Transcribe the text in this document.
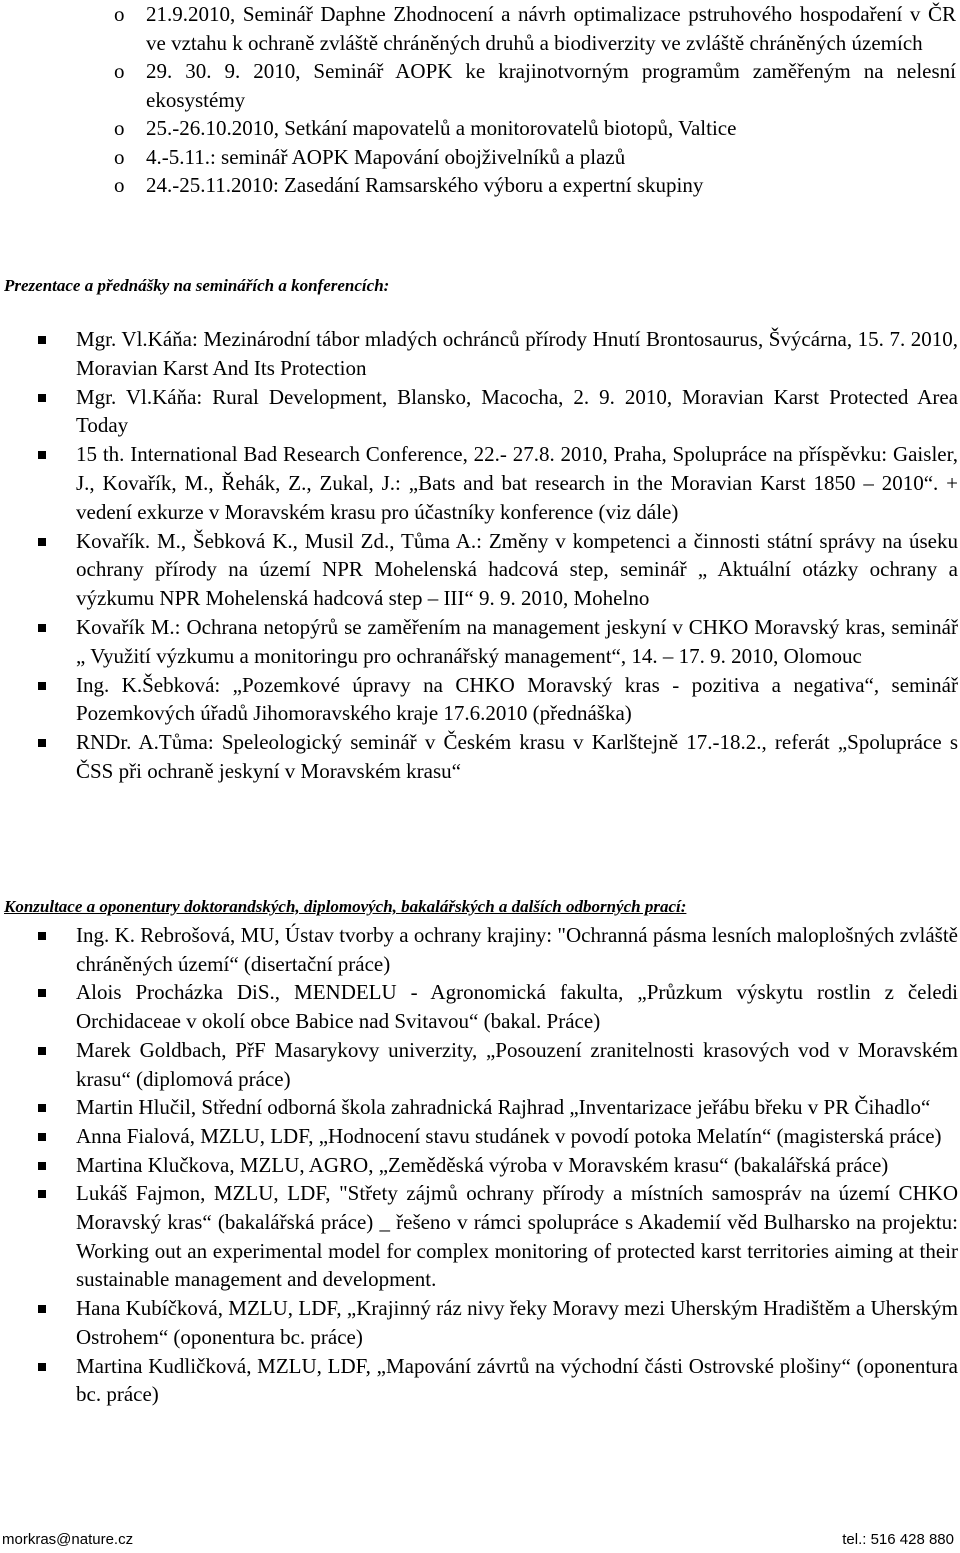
o 21.9.2010, Seminář Daphne Zhodnocení a návrh optimalizace pstruhového hospodaření v ČR ve vztahu k ochraně zvláště chráněných druhů a biodiverzity ve zvláště chráněných územích
o 29. 30. 9. 2010, Seminář AOPK ke krajinotvorným programům zaměřeným na nelesní ekosystémy
o 25.-26.10.2010, Setkání mapovatelů a monitorovatelů biotopů, Valtice
o 4.-5.11.: seminář AOPK Mapování obojživelníků a plazů
o 24.-25.11.2010: Zasedání Ramsarského výboru a expertní skupiny
Prezentace a přednášky na seminářích a konferencích:
Mgr. Vl.Káňa: Mezinárodní tábor mladých ochránců přírody Hnutí Brontosaurus, Švýcárna, 15. 7. 2010, Moravian Karst And Its Protection
Mgr. Vl.Káňa: Rural Development, Blansko, Macocha, 2. 9. 2010, Moravian Karst Protected Area Today
15 th. International Bad Research Conference, 22.- 27.8. 2010, Praha, Spolupráce na příspěvku: Gaisler, J., Kovařík, M., Řehák, Z., Zukal, J.: „Bats and bat research in the Moravian Karst 1850 – 2010“. + vedení exkurze v Moravském krasu pro účastníky konference (viz dále)
Kovařík. M., Šebková K., Musil Zd., Tůma A.: Změny v kompetenci a činnosti státní správy na úseku ochrany přírody na území NPR Mohelenská hadcová step, seminář „ Aktuální otázky ochrany a výzkumu NPR Mohelenská hadcová step – III“ 9. 9. 2010, Mohelno
Kovařík M.: Ochrana netopýrů se zaměřením na management jeskyní v CHKO Moravský kras, seminář „ Využití výzkumu a monitoringu pro ochranářský management“, 14. – 17. 9. 2010, Olomouc
Ing. K.Šebková: „Pozemkové úpravy na CHKO Moravský kras - pozitiva a negativa“, seminář Pozemkových úřadů Jihomoravského kraje 17.6.2010 (přednáška)
RNDr. A.Tůma: Speleologický seminář v Českém krasu v Karlštejně 17.-18.2., referát „Spolupráce s ČSS při ochraně jeskyní v Moravském krasu“
Konzultace a oponentury doktorandských, diplomových, bakalářských a dalších odborných prací:
Ing. K. Rebrošová, MU, Ústav tvorby a ochrany krajiny: "Ochranná pásma lesních maloplošných zvláště chráněných území“ (disertační práce)
Alois Procházka DiS., MENDELU - Agronomická fakulta, „Průzkum výskytu rostlin z čeledi Orchidaceae v okolí obce Babice nad Svitavou“ (bakal. Práce)
Marek Goldbach, PřF Masarykovy univerzity, „Posouzení zranitelnosti krasových vod v Moravském krasu“ (diplomová práce)
Martin Hlučil, Střední odborná škola zahradnická Rajhrad „Inventarizace jeřábu břeku v PR Čihadlo“
Anna Fialová, MZLU, LDF, „Hodnocení stavu studánek v povodí potoka Melatín“ (magisterská práce)
Martina Klučkova, MZLU, AGRO, „Zeměděská výroba v Moravském krasu“ (bakalářská práce)
Lukáš Fajmon, MZLU, LDF, "Střety zájmů ochrany přírody a místních samospráv na území CHKO Moravský kras“ (bakalářská práce) _ řešeno v rámci spolupráce s Akademií věd Bulharsko na projektu: Working out an experimental model for complex monitoring of protected karst territories aiming at their sustainable management and development.
Hana Kubíčková, MZLU, LDF, „Krajinný ráz nivy řeky Moravy mezi Uherským Hradištěm a Uherským Ostrohem“ (oponentura bc. práce)
Martina Kudličková, MZLU, LDF, „Mapování závrtů na východní části Ostrovské plošiny“ (oponentura bc. práce)
morkras@nature.cz	tel.: 516 428 880
